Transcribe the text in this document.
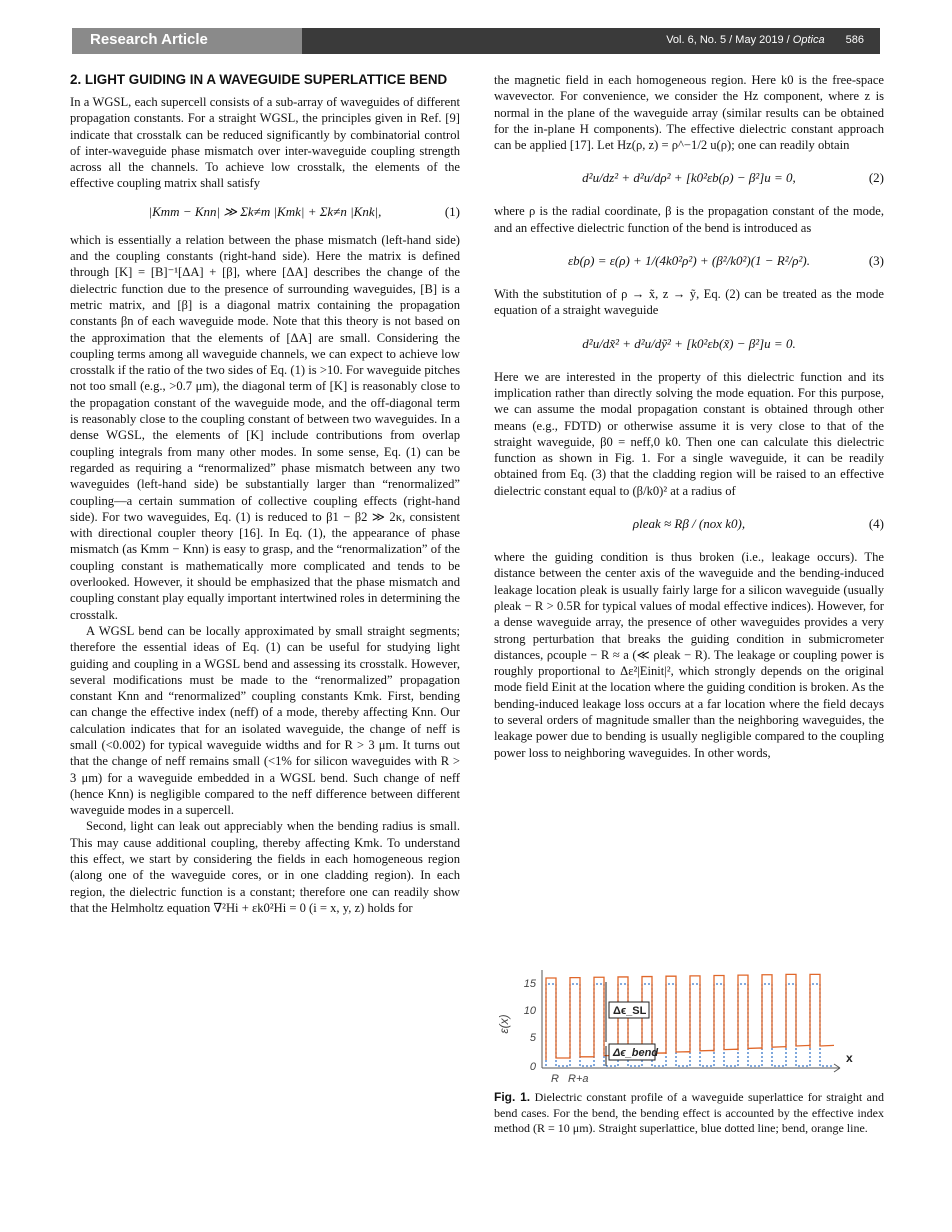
Research Article	Vol. 6, No. 5 / May 2019 / Optica 586
2. LIGHT GUIDING IN A WAVEGUIDE SUPERLATTICE BEND

In a WGSL, each supercell consists of a sub-array of waveguides of different propagation constants. For a straight WGSL, the principles given in Ref. [9] indicate that crosstalk can be reduced significantly by combinatorial control of inter-waveguide phase mismatch over inter-waveguide coupling strength across all the channels. To achieve low crosstalk, the elements of the effective coupling matrix shall satisfy

|Kmm − Knn| ≫ Σk≠m |Kmk| + Σk≠n |Knk|,	(1)

which is essentially a relation between the phase mismatch (left-hand side) and the coupling constants (right-hand side). Here the matrix is defined through [K] = [B]⁻¹[ΔA] + [β], where [ΔA] describes the change of the dielectric function due to the presence of surrounding waveguides, [B] is a metric matrix, and [β] is a diagonal matrix containing the propagation constants βn of each waveguide mode. Note that this theory is not based on the approximation that the elements of [ΔA] are small. Considering the coupling terms among all waveguide channels, we can expect to achieve low crosstalk if the ratio of the two sides of Eq. (1) is >10. For waveguide pitches not too small (e.g., >0.7 μm), the diagonal term of [K] is reasonably close to the propagation constant of the waveguide mode, and the off-diagonal term is reasonably close to the coupling constant of between two waveguides. In a dense WGSL, the elements of [K] include contributions from overlap coupling integrals from many other modes. In some sense, Eq. (1) can be regarded as requiring a “renormalized” phase mismatch between any two waveguides (left-hand side) be substantially larger than “renormalized” coupling—a certain summation of collective coupling effects (right-hand side). For two waveguides, Eq. (1) is reduced to β1 − β2 ≫ 2κ, consistent with directional coupler theory [16]. In Eq. (1), the appearance of phase mismatch (as Kmm − Knn) is easy to grasp, and the “renormalization” of the coupling constant is mathematically more complicated and tends to be overlooked. However, it should be emphasized that the phase mismatch and coupling constant play equally important intertwined roles in determining the crosstalk.

A WGSL bend can be locally approximated by small straight segments; therefore the essential ideas of Eq. (1) can be useful for studying light guiding and coupling in a WGSL bend and assessing its crosstalk. However, several modifications must be made to the “renormalized” propagation constant Knn and “renormalized” coupling constants Kmk. First, bending can change the effective index (neff) of a mode, thereby affecting Knn. Our calculation indicates that for an isolated waveguide, the change of neff is small (<0.002) for typical waveguide widths and for R > 3 μm. It turns out that the change of neff remains small (<1% for silicon waveguides with R > 3 μm) for a waveguide embedded in a WGSL bend. Such change of neff (hence Knn) is negligible compared to the neff difference between different waveguide modes in a supercell.

Second, light can leak out appreciably when the bending radius is small. This may cause additional coupling, thereby affecting Kmk. To understand this effect, we start by considering the fields in each homogeneous region (along one of the waveguide cores, or in one cladding region). In each region, the dielectric function is a constant; therefore one can readily show that the Helmholtz equation ∇²Hi + εk0²Hi = 0 (i = x, y, z) holds for

the magnetic field in each homogeneous region. Here k0 is the free-space wavevector. For convenience, we consider the Hz component, where z is normal in the plane of the waveguide array (similar results can be obtained for the in-plane H components). The effective dielectric constant approach can be applied [17]. Let Hz(ρ, z) = ρ^−1/2 u(ρ); one can readily obtain

d²u/dz² + d²u/dρ² + [k0²εb(ρ) − β²]u = 0,	(2)

where ρ is the radial coordinate, β is the propagation constant of the mode, and an effective dielectric function of the bend is introduced as

εb(ρ) = ε(ρ) + 1/(4k0²ρ²) + (β²/k0²)(1 − R²/ρ²).	(3)

With the substitution of ρ → x̃, z → ỹ, Eq. (2) can be treated as the mode equation of a straight waveguide

d²u/dx̃² + d²u/dỹ² + [k0²εb(x̃) − β²]u = 0.

Here we are interested in the property of this dielectric function and its implication rather than directly solving the mode equation. For this purpose, we can assume the modal propagation constant is obtained through other means (e.g., FDTD) or otherwise assume it is very close to that of the straight waveguide, β0 = neff,0 k0. Then one can calculate this dielectric function as shown in Fig. 1. For a single waveguide, it can be readily obtained from Eq. (3) that the cladding region will be raised to an effective dielectric constant equal to (β/k0)² at a radius of

ρleak ≈ Rβ / (nox k0),	(4)

where the guiding condition is thus broken (i.e., leakage occurs). The distance between the center axis of the waveguide and the bending-induced leakage location ρleak is usually fairly large for a silicon waveguide (usually ρleak − R > 0.5R for typical values of modal effective indices). However, for a dense waveguide array, the presence of other waveguides provides a very strong perturbation that breaks the guiding condition in submicrometer distances, ρcouple − R ≈ a (≪ ρleak − R). The leakage or coupling power is roughly proportional to Δε²|Einit|², which strongly depends on the original mode field Einit at the location where the guiding condition is broken. As the bending-induced leakage loss occurs at a far location where the field decays to several orders of magnitude smaller than the neighboring waveguides, the leakage power due to bending is usually negligible compared to the coupling power loss to neighboring waveguides. In other words,

15
10
5
0
ε(x)
x
R R+a
Δϵ_SL
Δϵ_bend
Fig. 1. Dielectric constant profile of a waveguide superlattice for straight and bend cases. For the bend, the bending effect is accounted by the effective index method (R = 10 μm). Straight superlattice, blue dotted line; bend, orange line.
